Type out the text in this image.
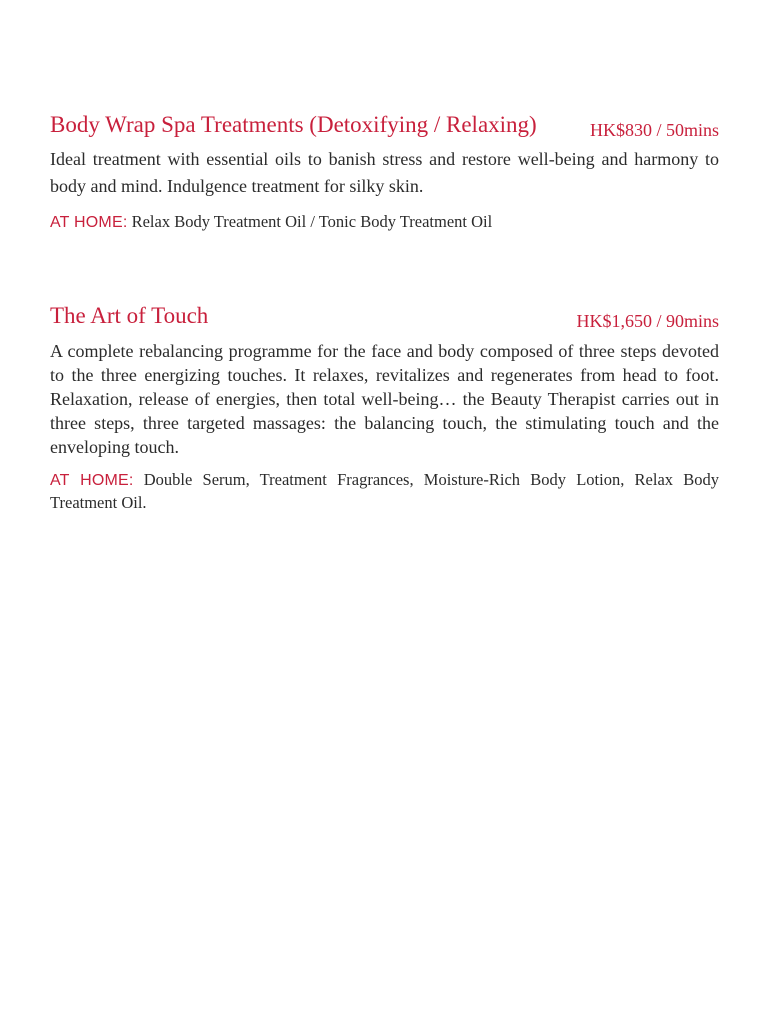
Body Wrap Spa Treatments (Detoxifying / Relaxing)	HK$830 / 50mins

Ideal treatment with essential oils to banish stress and restore well-being and harmony to body and mind. Indulgence treatment for silky skin.

AT HOME: Relax Body Treatment Oil / Tonic Body Treatment Oil

The Art of Touch	HK$1,650 / 90mins

A complete rebalancing programme for the face and body composed of three steps devoted to the three energizing touches. It relaxes, revitalizes and regenerates from head to foot. Relaxation, release of energies, then total well-being… the Beauty Therapist carries out in three steps, three targeted massages: the balancing touch, the stimulating touch and the enveloping touch.

AT HOME: Double Serum, Treatment Fragrances, Moisture-Rich Body Lotion, Relax Body Treatment Oil.
